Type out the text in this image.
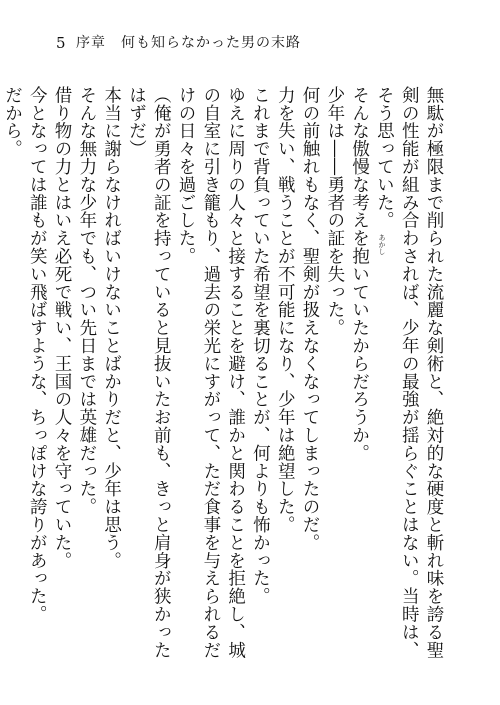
5 序章　何も知らなかった男の末路

無駄が極限まで削られた流麗な剣術と、絶対的な硬度と斬れ味を誇る聖剣の性能が組み合わされば、少年の最強が揺らぐことはない。当時は、そう思っていた。

そんな傲慢な考えを抱いていたからだろうか。

少年は――勇者の証を失った。

何の前触れもなく、聖剣が扱えなくなってしまったのだ。

力を失い、戦うことが不可能になり、少年は絶望した。

これまで背負っていた希望を裏切ることが、何よりも怖かった。

ゆえに周りの人々と接することを避け、誰かと関わることを拒絶し、城の自室に引き籠もり、過去の栄光にすがって、ただ食事を与えられるだけの日々を過ごした。

（俺が勇者の証を持っていると見抜いたお前も、きっと肩身が狭かったはずだ）

本当に謝らなければいけないことばかりだと、少年は思う。

そんな無力な少年でも、つい先日までは英雄だった。

借り物の力とはいえ必死で戦い、王国の人々を守っていた。

今となっては誰もが笑い飛ばすような、ちっぽけな誇りがあった。

だから。

あかし
